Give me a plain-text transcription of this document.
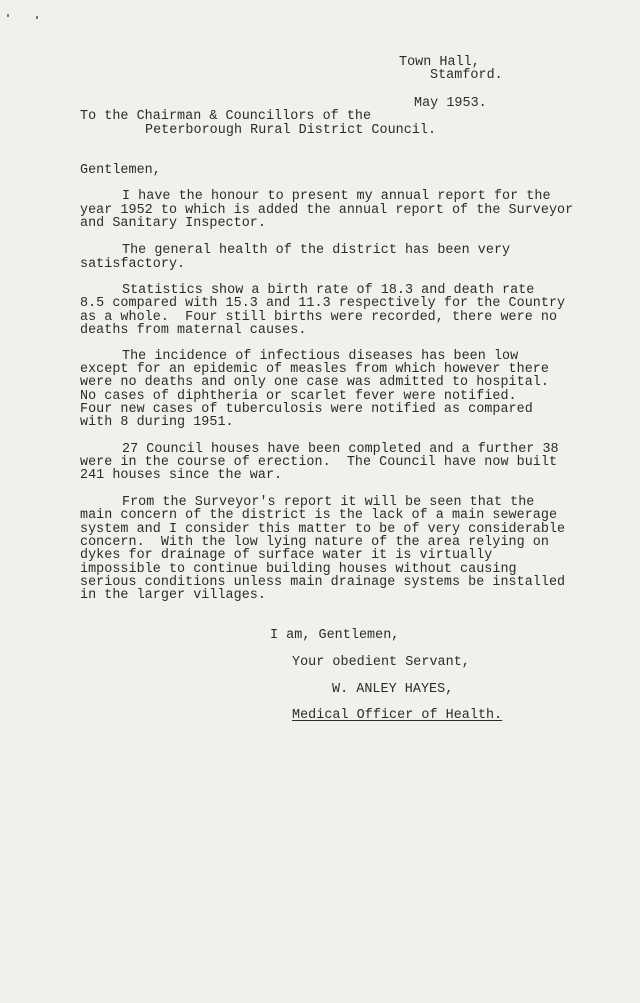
Town Hall,
Stamford.
May 1953.
To the Chairman & Councillors of the
Peterborough Rural District Council.
Gentlemen,
I have the honour to present my annual report for the
year 1952 to which is added the annual report of the Surveyor
and Sanitary Inspector.
The general health of the district has been very
satisfactory.
Statistics show a birth rate of 18.3 and death rate
8.5 compared with 15.3 and 11.3 respectively for the Country
as a whole.  Four still births were recorded, there were no
deaths from maternal causes.
The incidence of infectious diseases has been low
except for an epidemic of measles from which however there
were no deaths and only one case was admitted to hospital.
No cases of diphtheria or scarlet fever were notified.
Four new cases of tuberculosis were notified as compared
with 8 during 1951.
27 Council houses have been completed and a further 38
were in the course of erection.  The Council have now built
241 houses since the war.
From the Surveyor's report it will be seen that the
main concern of the district is the lack of a main sewerage
system and I consider this matter to be of very considerable
concern.  With the low lying nature of the area relying on
dykes for drainage of surface water it is virtually
impossible to continue building houses without causing
serious conditions unless main drainage systems be installed
in the larger villages.
I am, Gentlemen,
Your obedient Servant,
W. ANLEY HAYES,
Medical Officer of Health.
